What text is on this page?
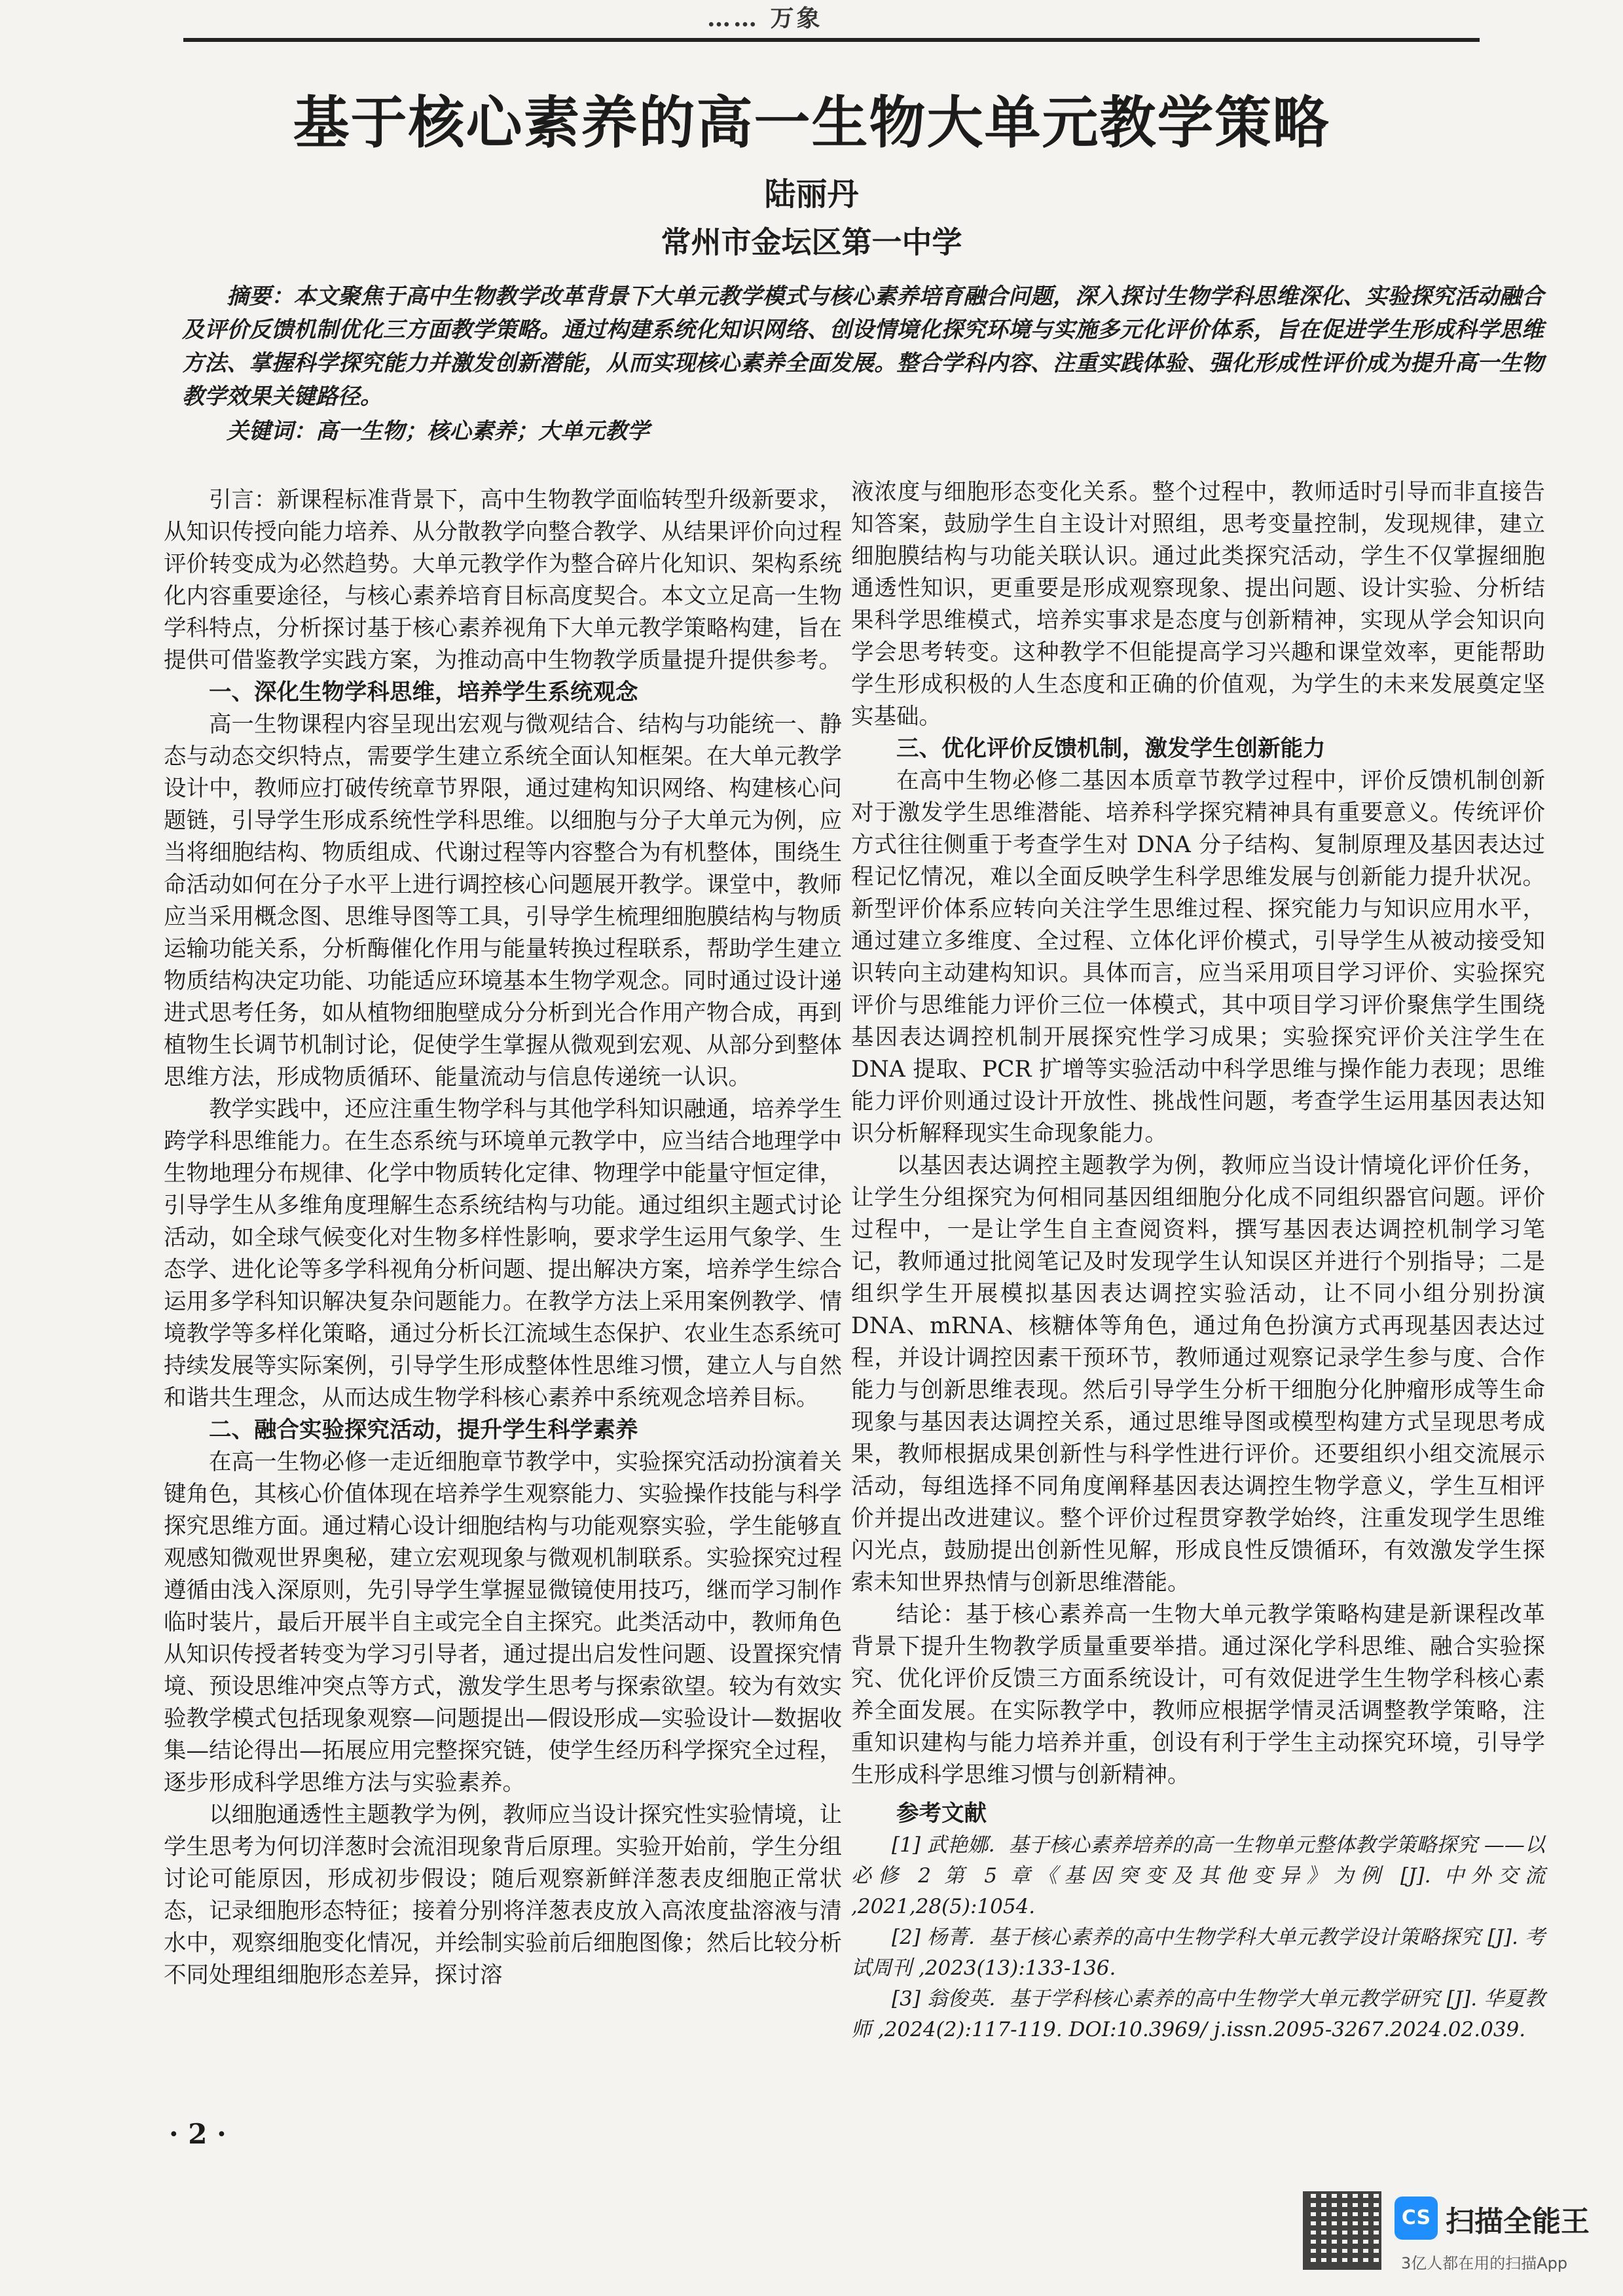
…… 万象
基于核心素养的高一生物大单元教学策略
陆丽丹
常州市金坛区第一中学
摘要：本文聚焦于高中生物教学改革背景下大单元教学模式与核心素养培育融合问题，深入探讨生物学科思维深化、实验探究活动融合及评价反馈机制优化三方面教学策略。通过构建系统化知识网络、创设情境化探究环境与实施多元化评价体系，旨在促进学生形成科学思维方法、掌握科学探究能力并激发创新潜能，从而实现核心素养全面发展。整合学科内容、注重实践体验、强化形成性评价成为提升高一生物教学效果关键路径。
关键词：高一生物；核心素养；大单元教学

引言：新课程标准背景下，高中生物教学面临转型升级新要求，从知识传授向能力培养、从分散教学向整合教学、从结果评价向过程评价转变成为必然趋势。大单元教学作为整合碎片化知识、架构系统化内容重要途径，与核心素养培育目标高度契合。本文立足高一生物学科特点，分析探讨基于核心素养视角下大单元教学策略构建，旨在提供可借鉴教学实践方案，为推动高中生物教学质量提升提供参考。

一、深化生物学科思维，培养学生系统观念

高一生物课程内容呈现出宏观与微观结合、结构与功能统一、静态与动态交织特点，需要学生建立系统全面认知框架。在大单元教学设计中，教师应打破传统章节界限，通过建构知识网络、构建核心问题链，引导学生形成系统性学科思维。以细胞与分子大单元为例，应当将细胞结构、物质组成、代谢过程等内容整合为有机整体，围绕生命活动如何在分子水平上进行调控核心问题展开教学。课堂中，教师应当采用概念图、思维导图等工具，引导学生梳理细胞膜结构与物质运输功能关系，分析酶催化作用与能量转换过程联系，帮助学生建立物质结构决定功能、功能适应环境基本生物学观念。同时通过设计递进式思考任务，如从植物细胞壁成分分析到光合作用产物合成，再到植物生长调节机制讨论，促使学生掌握从微观到宏观、从部分到整体思维方法，形成物质循环、能量流动与信息传递统一认识。

教学实践中，还应注重生物学科与其他学科知识融通，培养学生跨学科思维能力。在生态系统与环境单元教学中，应当结合地理学中生物地理分布规律、化学中物质转化定律、物理学中能量守恒定律，引导学生从多维角度理解生态系统结构与功能。通过组织主题式讨论活动，如全球气候变化对生物多样性影响，要求学生运用气象学、生态学、进化论等多学科视角分析问题、提出解决方案，培养学生综合运用多学科知识解决复杂问题能力。在教学方法上采用案例教学、情境教学等多样化策略，通过分析长江流域生态保护、农业生态系统可持续发展等实际案例，引导学生形成整体性思维习惯，建立人与自然和谐共生理念，从而达成生物学科核心素养中系统观念培养目标。

二、融合实验探究活动，提升学生科学素养

在高一生物必修一走近细胞章节教学中，实验探究活动扮演着关键角色，其核心价值体现在培养学生观察能力、实验操作技能与科学探究思维方面。通过精心设计细胞结构与功能观察实验，学生能够直观感知微观世界奥秘，建立宏观现象与微观机制联系。实验探究过程遵循由浅入深原则，先引导学生掌握显微镜使用技巧，继而学习制作临时装片，最后开展半自主或完全自主探究。此类活动中，教师角色从知识传授者转变为学习引导者，通过提出启发性问题、设置探究情境、预设思维冲突点等方式，激发学生思考与探索欲望。较为有效实验教学模式包括现象观察—问题提出—假设形成—实验设计—数据收集—结论得出—拓展应用完整探究链，使学生经历科学探究全过程，逐步形成科学思维方法与实验素养。

以细胞通透性主题教学为例，教师应当设计探究性实验情境，让学生思考为何切洋葱时会流泪现象背后原理。实验开始前，学生分组讨论可能原因，形成初步假设；随后观察新鲜洋葱表皮细胞正常状态，记录细胞形态特征；接着分别将洋葱表皮放入高浓度盐溶液与清水中，观察细胞变化情况，并绘制实验前后细胞图像；然后比较分析不同处理组细胞形态差异，探讨溶

液浓度与细胞形态变化关系。整个过程中，教师适时引导而非直接告知答案，鼓励学生自主设计对照组，思考变量控制，发现规律，建立细胞膜结构与功能关联认识。通过此类探究活动，学生不仅掌握细胞通透性知识，更重要是形成观察现象、提出问题、设计实验、分析结果科学思维模式，培养实事求是态度与创新精神，实现从学会知识向学会思考转变。这种教学不但能提高学习兴趣和课堂效率，更能帮助学生形成积极的人生态度和正确的价值观，为学生的未来发展奠定坚实基础。

三、优化评价反馈机制，激发学生创新能力

在高中生物必修二基因本质章节教学过程中，评价反馈机制创新对于激发学生思维潜能、培养科学探究精神具有重要意义。传统评价方式往往侧重于考查学生对 DNA 分子结构、复制原理及基因表达过程记忆情况，难以全面反映学生科学思维发展与创新能力提升状况。新型评价体系应转向关注学生思维过程、探究能力与知识应用水平，通过建立多维度、全过程、立体化评价模式，引导学生从被动接受知识转向主动建构知识。具体而言，应当采用项目学习评价、实验探究评价与思维能力评价三位一体模式，其中项目学习评价聚焦学生围绕基因表达调控机制开展探究性学习成果；实验探究评价关注学生在 DNA 提取、PCR 扩增等实验活动中科学思维与操作能力表现；思维能力评价则通过设计开放性、挑战性问题，考查学生运用基因表达知识分析解释现实生命现象能力。

以基因表达调控主题教学为例，教师应当设计情境化评价任务，让学生分组探究为何相同基因组细胞分化成不同组织器官问题。评价过程中，一是让学生自主查阅资料，撰写基因表达调控机制学习笔记，教师通过批阅笔记及时发现学生认知误区并进行个别指导；二是组织学生开展模拟基因表达调控实验活动，让不同小组分别扮演 DNA、mRNA、核糖体等角色，通过角色扮演方式再现基因表达过程，并设计调控因素干预环节，教师通过观察记录学生参与度、合作能力与创新思维表现。然后引导学生分析干细胞分化肿瘤形成等生命现象与基因表达调控关系，通过思维导图或模型构建方式呈现思考成果，教师根据成果创新性与科学性进行评价。还要组织小组交流展示活动，每组选择不同角度阐释基因表达调控生物学意义，学生互相评价并提出改进建议。整个评价过程贯穿教学始终，注重发现学生思维闪光点，鼓励提出创新性见解，形成良性反馈循环，有效激发学生探索未知世界热情与创新思维潜能。

结论：基于核心素养高一生物大单元教学策略构建是新课程改革背景下提升生物教学质量重要举措。通过深化学科思维、融合实验探究、优化评价反馈三方面系统设计，可有效促进学生生物学科核心素养全面发展。在实际教学中，教师应根据学情灵活调整教学策略，注重知识建构与能力培养并重，创设有利于学生主动探究环境，引导学生形成科学思维习惯与创新精神。

参考文献

[1] 武艳娜．基于核心素养培养的高一生物单元整体教学策略探究 ——以必修 2 第 5 章《基因突变及其他变异》为例 [J]. 中外交流 ,2021,28(5):1054.

[2] 杨菁．基于核心素养的高中生物学科大单元教学设计策略探究 [J]. 考试周刊 ,2023(13):133-136.

[3] 翁俊英．基于学科核心素养的高中生物学大单元教学研究 [J]. 华夏教师 ,2024(2):117-119. DOI:10.3969/ j.issn.2095-3267.2024.02.039.

· 2 ·
CS 扫描全能王
3亿人都在用的扫描App
